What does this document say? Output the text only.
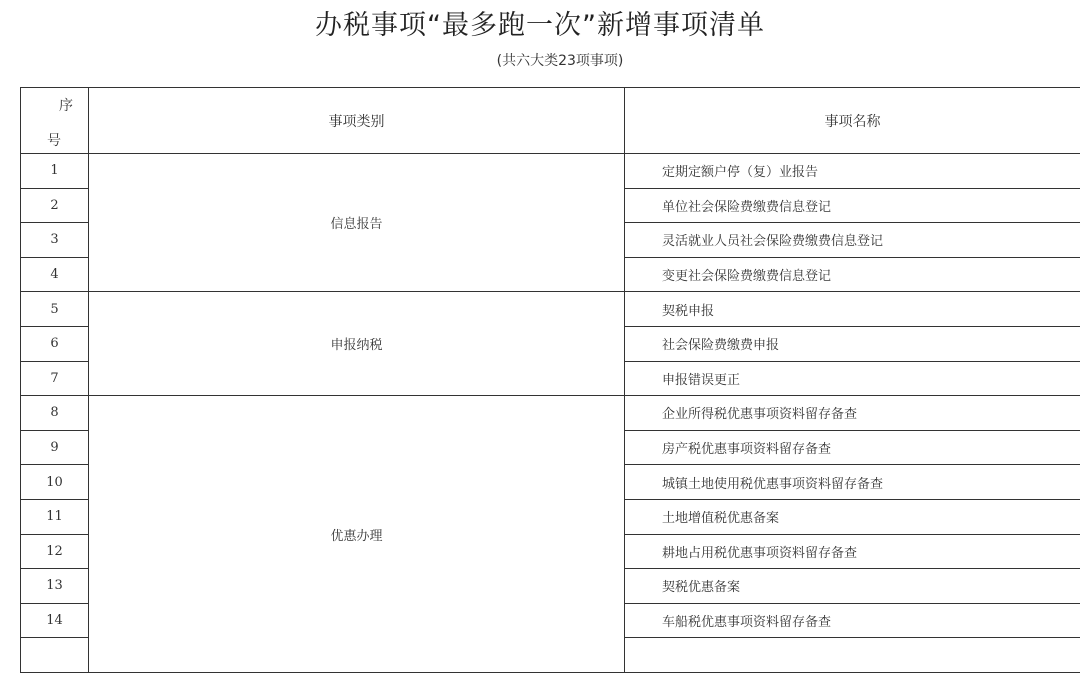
办税事项“最多跑一次”新增事项清单
(共六大类23项事项)
序
号	事项类别	事项名称
1	信息报告	定期定额户停（复）业报告
2		单位社会保险费缴费信息登记
3		灵活就业人员社会保险费缴费信息登记
4		变更社会保险费缴费信息登记
5	申报纳税	契税申报
6		社会保险费缴费申报
7		申报错误更正
8	优惠办理	企业所得税优惠事项资料留存备查
9		房产税优惠事项资料留存备查
10		城镇土地使用税优惠事项资料留存备查
11		土地增值税优惠备案
12		耕地占用税优惠事项资料留存备查
13		契税优惠备案
14		车船税优惠事项资料留存备查
